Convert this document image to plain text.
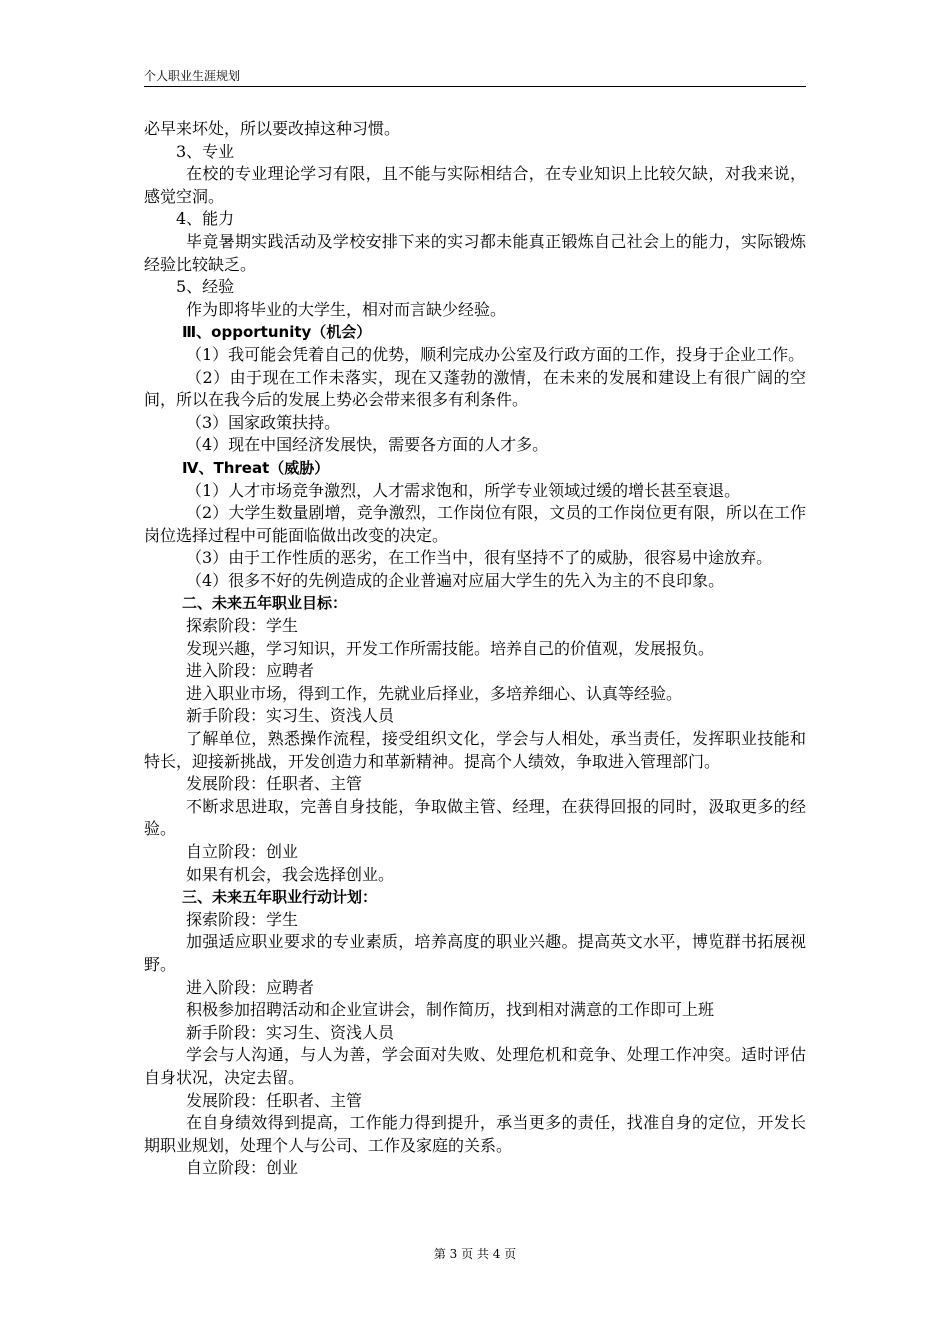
个人职业生涯规划

必早来坏处，所以要改掉这种习惯。

3、专业

在校的专业理论学习有限，且不能与实际相结合，在专业知识上比较欠缺，对我来说，感觉空洞。

4、能力

毕竟暑期实践活动及学校安排下来的实习都未能真正锻炼自己社会上的能力，实际锻炼经验比较缺乏。

5、经验

作为即将毕业的大学生，相对而言缺少经验。

Ⅲ、opportunity（机会）

（1）我可能会凭着自己的优势，顺利完成办公室及行政方面的工作，投身于企业工作。

（2）由于现在工作未落实，现在又蓬勃的激情，在未来的发展和建设上有很广阔的空间，所以在我今后的发展上势必会带来很多有利条件。

（3）国家政策扶持。

（4）现在中国经济发展快，需要各方面的人才多。

Ⅳ、Threat（威胁）

（1）人才市场竞争激烈，人才需求饱和，所学专业领域过缓的增长甚至衰退。

（2）大学生数量剧增，竞争激烈，工作岗位有限，文员的工作岗位更有限，所以在工作岗位选择过程中可能面临做出改变的决定。

（3）由于工作性质的恶劣，在工作当中，很有坚持不了的威胁，很容易中途放弃。

（4）很多不好的先例造成的企业普遍对应届大学生的先入为主的不良印象。

二、未来五年职业目标：

探索阶段：学生

发现兴趣，学习知识，开发工作所需技能。培养自己的价值观，发展报负。

进入阶段：应聘者

进入职业市场，得到工作，先就业后择业，多培养细心、认真等经验。

新手阶段：实习生、资浅人员

了解单位，熟悉操作流程，接受组织文化，学会与人相处，承当责任，发挥职业技能和特长，迎接新挑战，开发创造力和革新精神。提高个人绩效，争取进入管理部门。

发展阶段：任职者、主管

不断求思进取，完善自身技能，争取做主管、经理，在获得回报的同时，汲取更多的经验。

自立阶段：创业

如果有机会，我会选择创业。

三、未来五年职业行动计划：

探索阶段：学生

加强适应职业要求的专业素质，培养高度的职业兴趣。提高英文水平，博览群书拓展视野。

进入阶段：应聘者

积极参加招聘活动和企业宣讲会，制作简历，找到相对满意的工作即可上班

新手阶段：实习生、资浅人员

学会与人沟通，与人为善，学会面对失败、处理危机和竞争、处理工作冲突。适时评估自身状况，决定去留。

发展阶段：任职者、主管

在自身绩效得到提高，工作能力得到提升，承当更多的责任，找准自身的定位，开发长期职业规划，处理个人与公司、工作及家庭的关系。

自立阶段：创业

第 3 页 共 4 页
